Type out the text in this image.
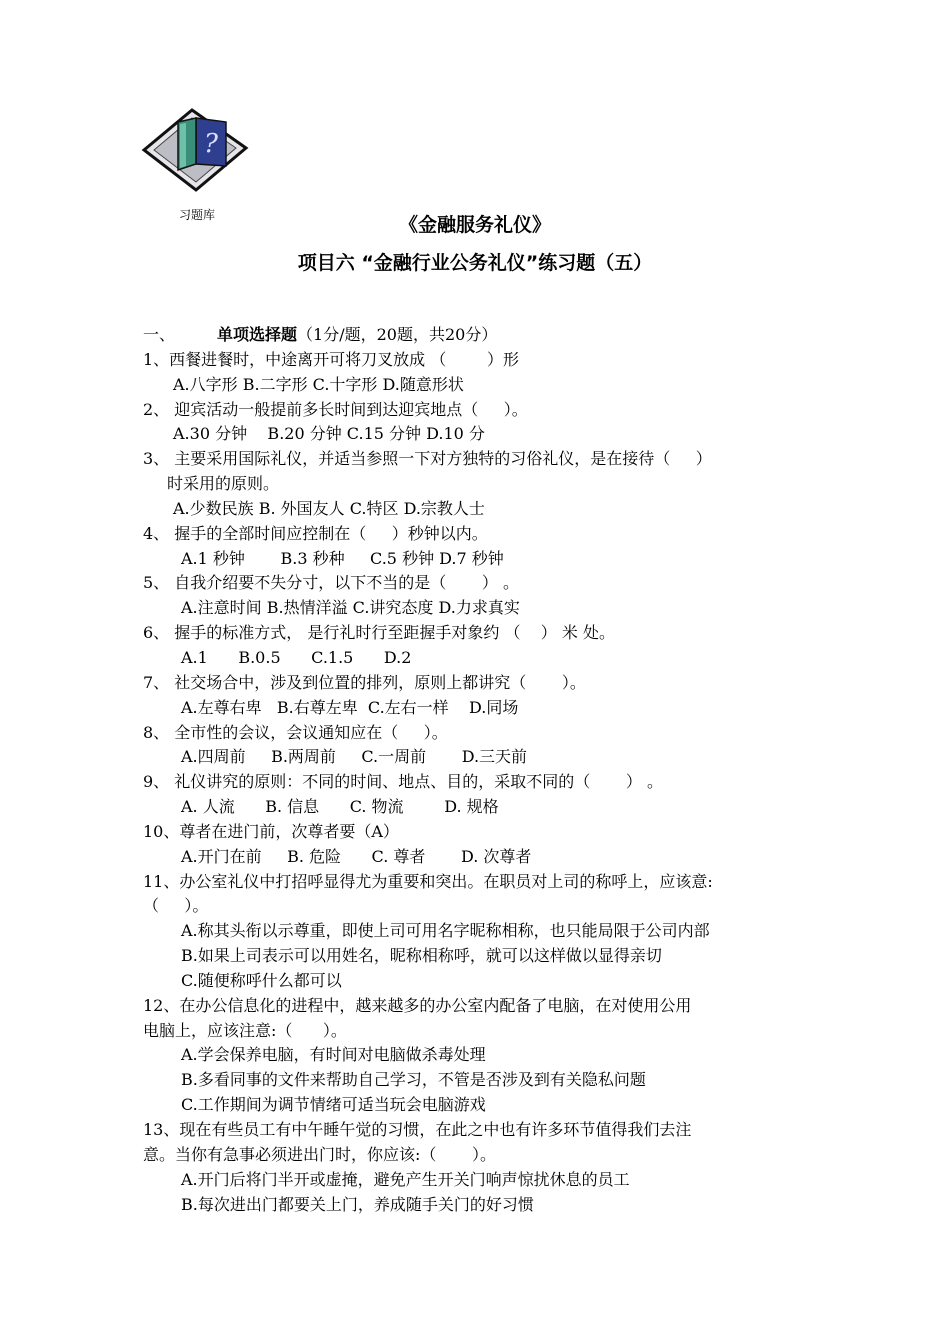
?
习题库	《金融服务礼仪》
项目六 “金融行业公务礼仪”练习题（五）
一、	单项选择题（1分/题，20题，共20分）
1、西餐进餐时，中途离开可将刀叉放成 （        ）形
A.八字形 B.二字形 C.十字形 D.随意形状
2、 迎宾活动一般提前多长时间到达迎宾地点（     ）。
A.30 分钟    B.20 分钟 C.15 分钟 D.10 分
3、 主要采用国际礼仪，并适当参照一下对方独特的习俗礼仪，是在接待（     ）
时采用的原则。
A.少数民族 B. 外国友人 C.特区 D.宗教人士
4、 握手的全部时间应控制在（     ）秒钟以内。
A.1 秒钟       B.3 秒种     C.5 秒钟 D.7 秒钟
5、 自我介绍要不失分寸，以下不当的是（       ） 。
A.注意时间 B.热情洋溢 C.讲究态度 D.力求真实
6、 握手的标准方式， 是行礼时行至距握手对象约 （    ） 米 处。
A.1      B.0.5      C.1.5      D.2
7、 社交场合中，涉及到位置的排列，原则上都讲究（       ）。
A.左尊右卑   B.右尊左卑  C.左右一样    D.同场
8、 全市性的会议，会议通知应在（     ）。
A.四周前     B.两周前     C.一周前       D.三天前
9、 礼仪讲究的原则：不同的时间、地点、目的，采取不同的（       ） 。
A. 人流      B. 信息      C. 物流        D. 规格
10、尊者在进门前，次尊者要（A）
A.开门在前     B. 危险      C. 尊者       D. 次尊者
11、办公室礼仪中打招呼显得尤为重要和突出。在职员对上司的称呼上，应该意:
（     ）。
A.称其头衔以示尊重，即使上司可用名字昵称相称，也只能局限于公司内部
B.如果上司表示可以用姓名，昵称相称呼，就可以这样做以显得亲切
C.随便称呼什么都可以
12、在办公信息化的进程中，越来越多的办公室内配备了电脑，在对使用公用
电脑上，应该注意:（      ）。
A.学会保养电脑，有时间对电脑做杀毒处理
B.多看同事的文件来帮助自己学习，不管是否涉及到有关隐私问题
C.工作期间为调节情绪可适当玩会电脑游戏
13、现在有些员工有中午睡午觉的习惯，在此之中也有许多环节值得我们去注
意。当你有急事必须进出门时，你应该:（       ）。
A.开门后将门半开或虚掩，避免产生开关门响声惊扰休息的员工
B.每次进出门都要关上门，养成随手关门的好习惯
